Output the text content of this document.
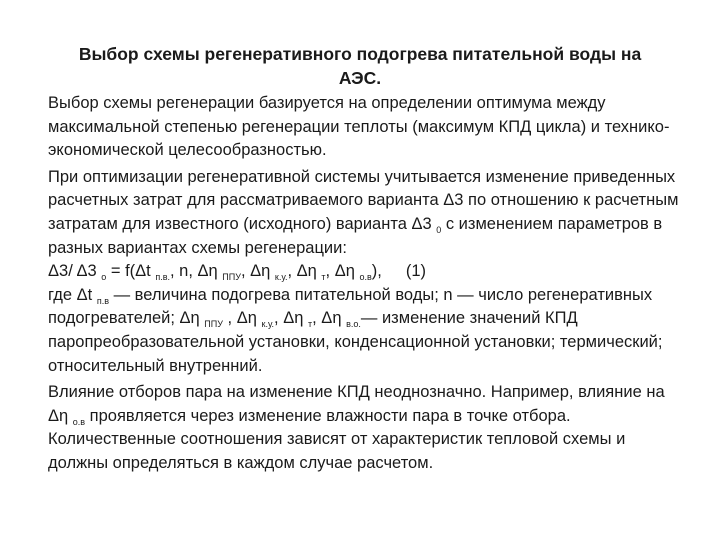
Выбор схемы регенеративного подогрева питательной воды на
АЭС.

Выбор схемы регенерации базируется на определении оптимума между максимальной степенью регенерации теплоты (максимум КПД цикла) и технико-экономической целесообразностью.

При оптимизации регенеративной системы учитывается изменение приведенных расчетных затрат для рассматриваемого варианта Δ3 по отношению к расчетным затратам для известного (исходного) варианта Δ3 $_0$ с изменением параметров в разных вариантах схемы регенерации:
Δ3/ Δ3 $_о$ = f(Δt $_{п.в.}$, n, Δη $_{ППУ}$, Δη $_{к.у.}$, Δη $_т$, Δη $_{о.в}$), (1)
где Δt $_{п.в}$ — величина подогрева питательной воды; n — число регенеративных подогревателей; Δη $_{ППУ}$ , Δη $_{к.у.}$, Δη $_т$, Δη $_{в.о.}$— изменение значений КПД паропреобразовательной установки, конденсационной установки; термический; относительный внутренний.

Влияние отборов пара на изменение КПД неоднозначно. Например, влияние на Δη $_{о.в}$ проявляется через изменение влажности пара в точке отбора. Количественные соотношения зависят от характеристик тепловой схемы и должны определяться в каждом случае расчетом.
